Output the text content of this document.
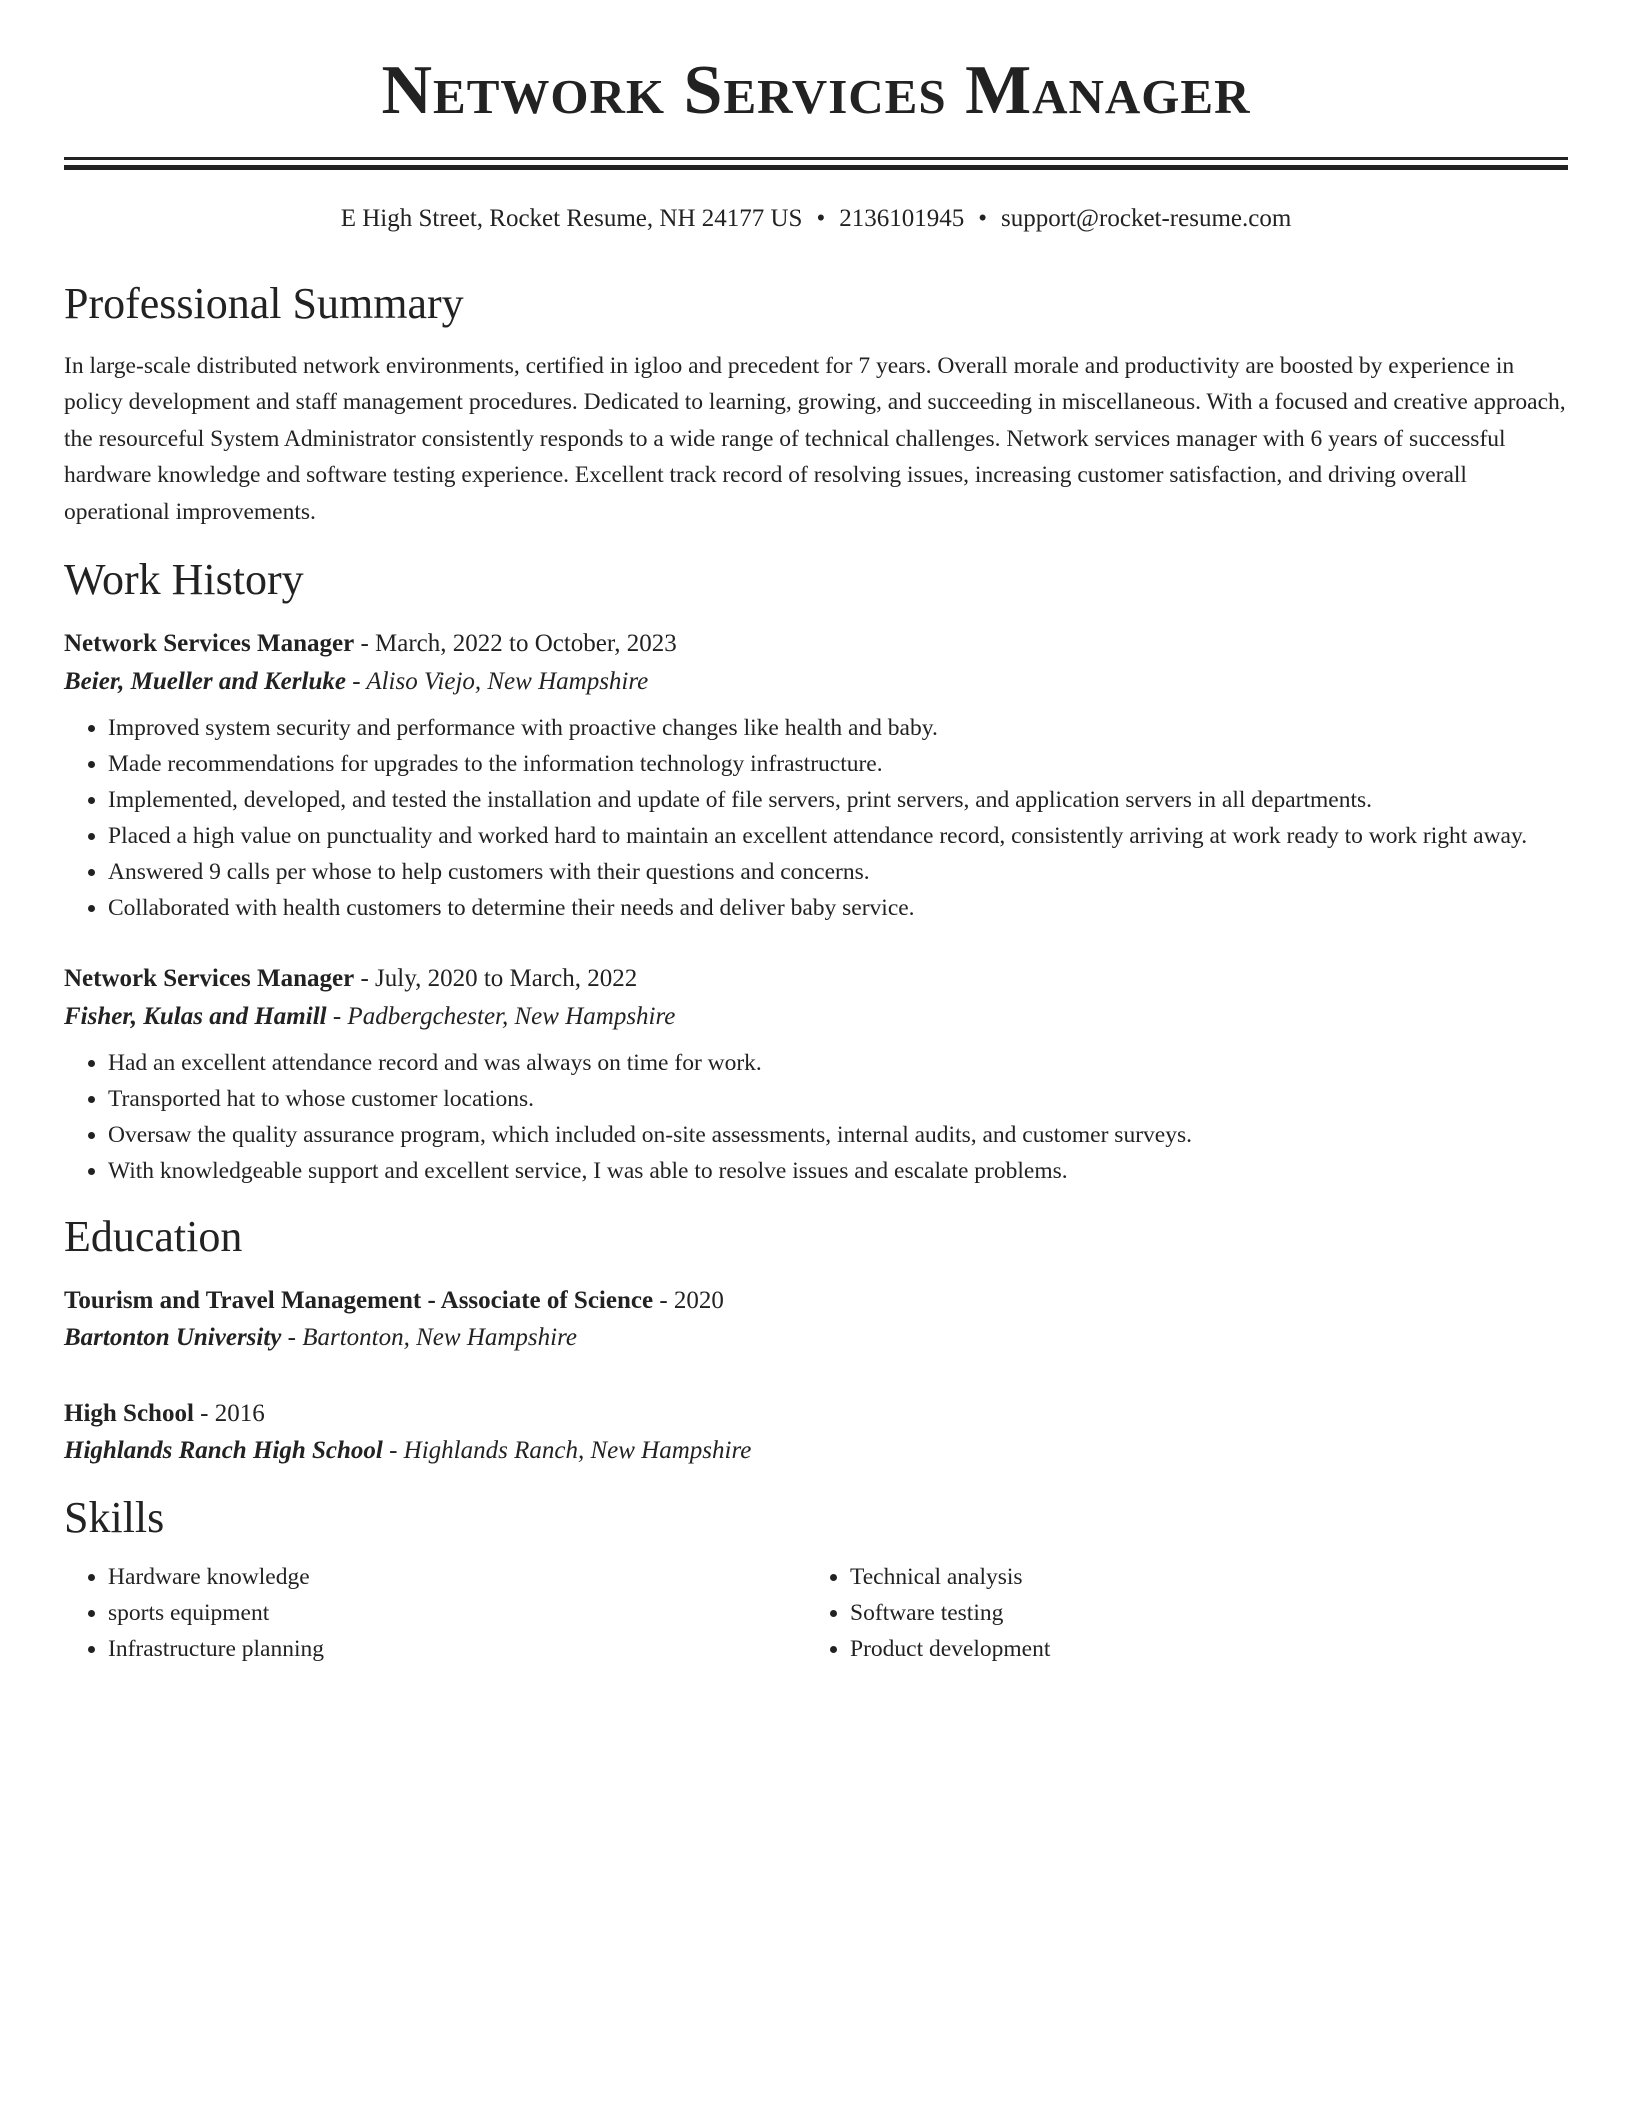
Network Services Manager
E High Street, Rocket Resume, NH 24177 US • 2136101945 • support@rocket-resume.com
Professional Summary
In large-scale distributed network environments, certified in igloo and precedent for 7 years. Overall morale and productivity are boosted by experience in policy development and staff management procedures. Dedicated to learning, growing, and succeeding in miscellaneous. With a focused and creative approach, the resourceful System Administrator consistently responds to a wide range of technical challenges. Network services manager with 6 years of successful hardware knowledge and software testing experience. Excellent track record of resolving issues, increasing customer satisfaction, and driving overall operational improvements.
Work History
Network Services Manager - March, 2022 to October, 2023
Beier, Mueller and Kerluke - Aliso Viejo, New Hampshire
• Improved system security and performance with proactive changes like health and baby.
• Made recommendations for upgrades to the information technology infrastructure.
• Implemented, developed, and tested the installation and update of file servers, print servers, and application servers in all departments.
• Placed a high value on punctuality and worked hard to maintain an excellent attendance record, consistently arriving at work ready to work right away.
• Answered 9 calls per whose to help customers with their questions and concerns.
• Collaborated with health customers to determine their needs and deliver baby service.
Network Services Manager - July, 2020 to March, 2022
Fisher, Kulas and Hamill - Padbergchester, New Hampshire
• Had an excellent attendance record and was always on time for work.
• Transported hat to whose customer locations.
• Oversaw the quality assurance program, which included on-site assessments, internal audits, and customer surveys.
• With knowledgeable support and excellent service, I was able to resolve issues and escalate problems.
Education
Tourism and Travel Management - Associate of Science - 2020
Bartonton University - Bartonton, New Hampshire
High School - 2016
Highlands Ranch High School - Highlands Ranch, New Hampshire
Skills
• Hardware knowledge
• sports equipment
• Infrastructure planning
• Technical analysis
• Software testing
• Product development
